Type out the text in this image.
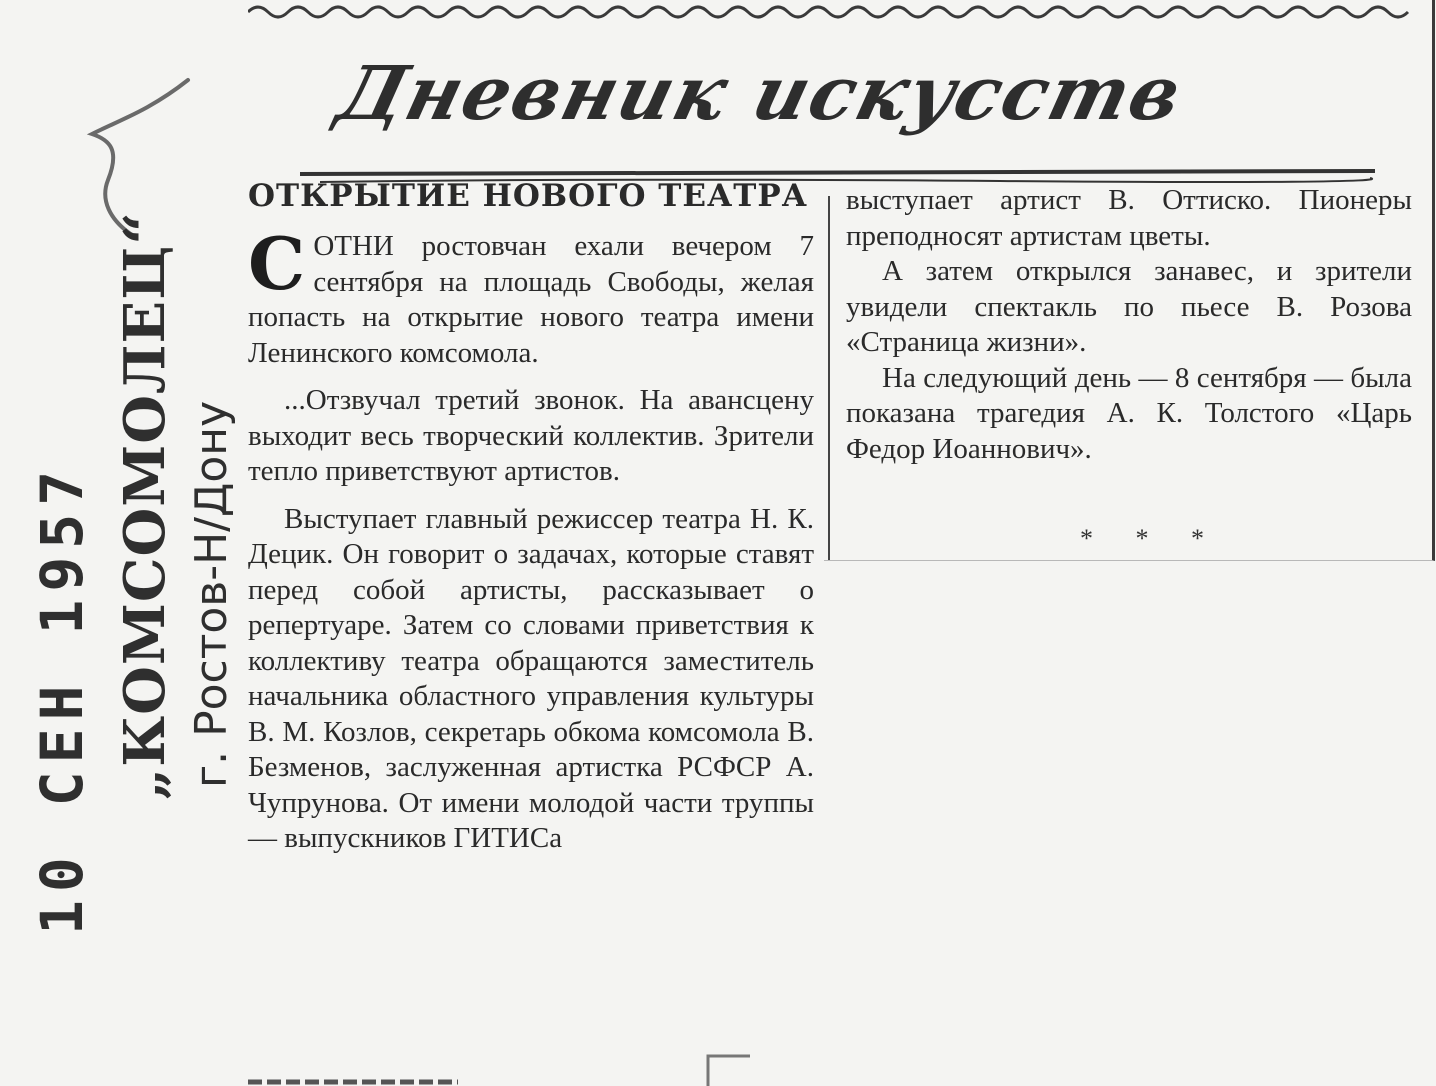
Дневник искусств
10 СЕН 1957 „КОМСОМОЛЕЦ“ г. Ростов-Н/Дону
ОТКРЫТИЕ НОВОГО ТЕАТРА

С ОТНИ ростовчан ехали вечером 7 сентября на площадь Свободы, желая попасть на открытие нового театра имени Ленинского комсомола.

...Отзвучал третий звонок. На авансцену выходит весь творческий коллектив. Зрители тепло приветствуют артистов.

Выступает главный режиссер театра Н. К. Децик. Он говорит о задачах, которые ставят перед собой артисты, рассказывает о репертуаре. Затем со словами приветствия к коллективу театра обращаются заместитель начальника областного управления культуры В. М. Козлов, секретарь обкома комсомола В. Безменов, заслуженная артистка РСФСР А. Чупрунова. От имени молодой части труппы — выпускников ГИТИСа

выступает артист В. Оттиско. Пионеры преподносят артистам цветы.

А затем открылся занавес, и зрители увидели спектакль по пьесе В. Розова «Страница жизни».

На следующий день — 8 сентября — была показана трагедия А. К. Толстого «Царь Федор Иоаннович».

* * *
